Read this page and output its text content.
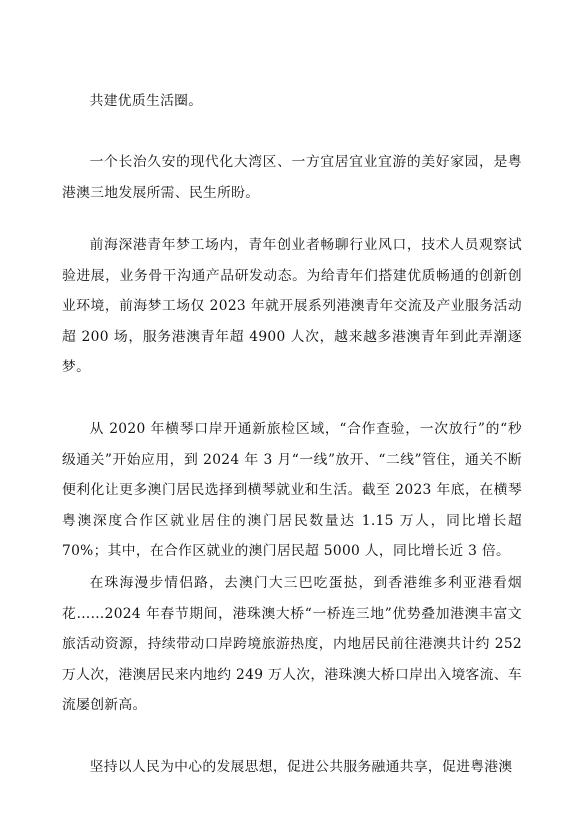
共建优质生活圈。

一个长治久安的现代化大湾区、一方宜居宜业宜游的美好家园，是粤港澳三地发展所需、民生所盼。

前海深港青年梦工场内，青年创业者畅聊行业风口，技术人员观察试验进展，业务骨干沟通产品研发动态。为给青年们搭建优质畅通的创新创业环境，前海梦工场仅 2023 年就开展系列港澳青年交流及产业服务活动超 200 场，服务港澳青年超 4900 人次，越来越多港澳青年到此弄潮逐梦。

从 2020 年横琴口岸开通新旅检区域，“合作查验，一次放行”的“秒级通关”开始应用，到 2024 年 3 月“一线”放开、“二线”管住，通关不断便利化让更多澳门居民选择到横琴就业和生活。截至 2023 年底，在横琴粤澳深度合作区就业居住的澳门居民数量达 1.15 万人，同比增长超 70%；其中，在合作区就业的澳门居民超 5000 人，同比增长近 3 倍。

在珠海漫步情侣路，去澳门大三巴吃蛋挞，到香港维多利亚港看烟花……2024 年春节期间，港珠澳大桥“一桥连三地”优势叠加港澳丰富文旅活动资源，持续带动口岸跨境旅游热度，内地居民前往港澳共计约 252 万人次，港澳居民来内地约 249 万人次，港珠澳大桥口岸出入境客流、车流屡创新高。

坚持以人民为中心的发展思想，促进公共服务融通共享，促进粤港澳
